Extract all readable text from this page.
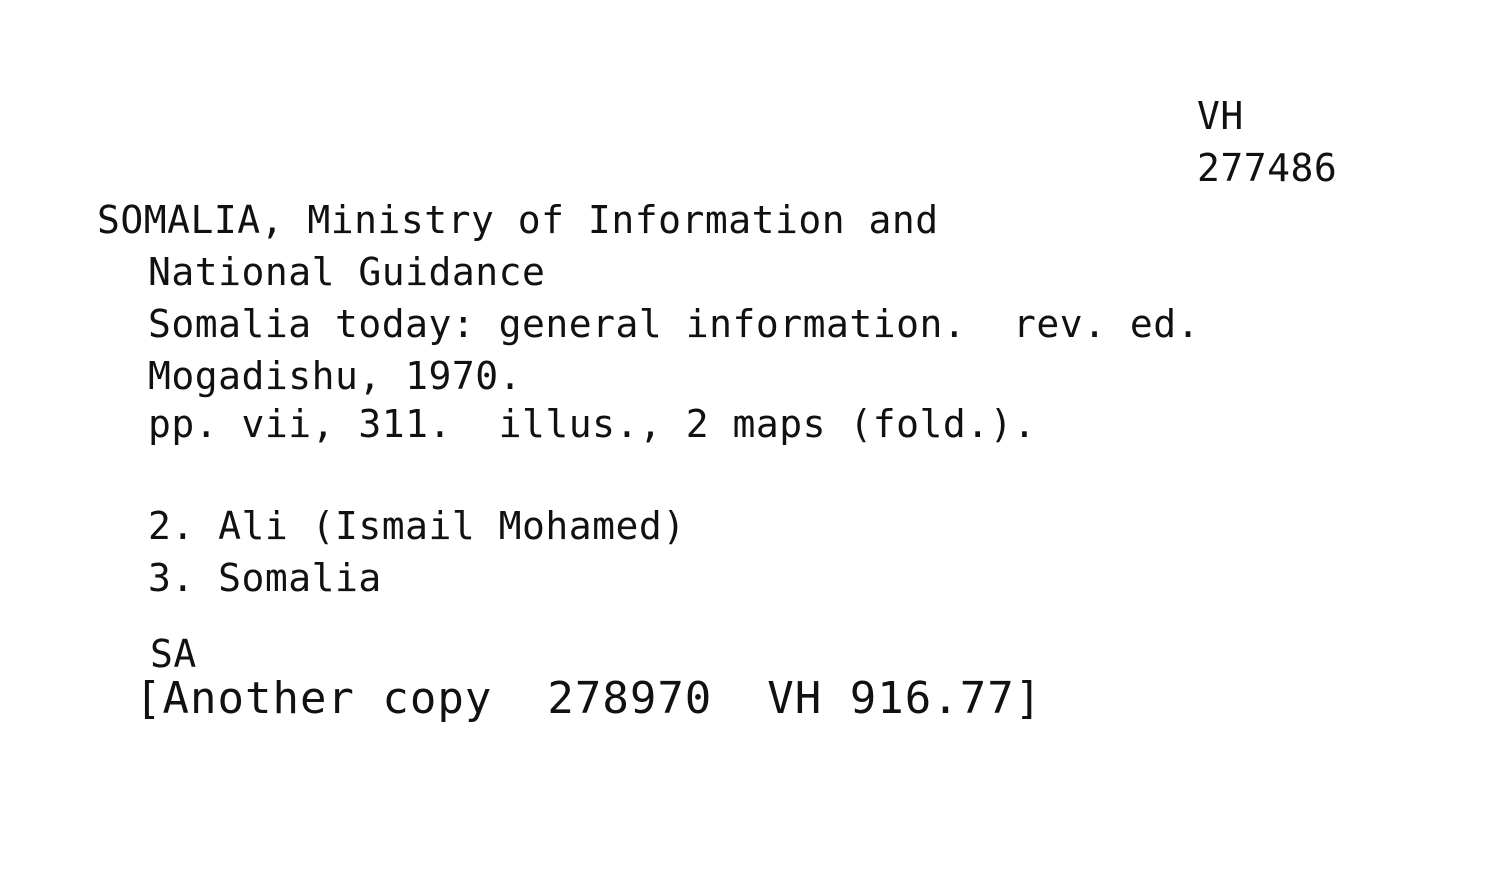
VH
277486
SOMALIA, Ministry of Information and
National Guidance
Somalia today: general information.  rev. ed.
Mogadishu, 1970.
pp. vii, 311.  illus., 2 maps (fold.).
2. Ali (Ismail Mohamed)
3. Somalia
SA
[Another copy  278970  VH 916.77]
